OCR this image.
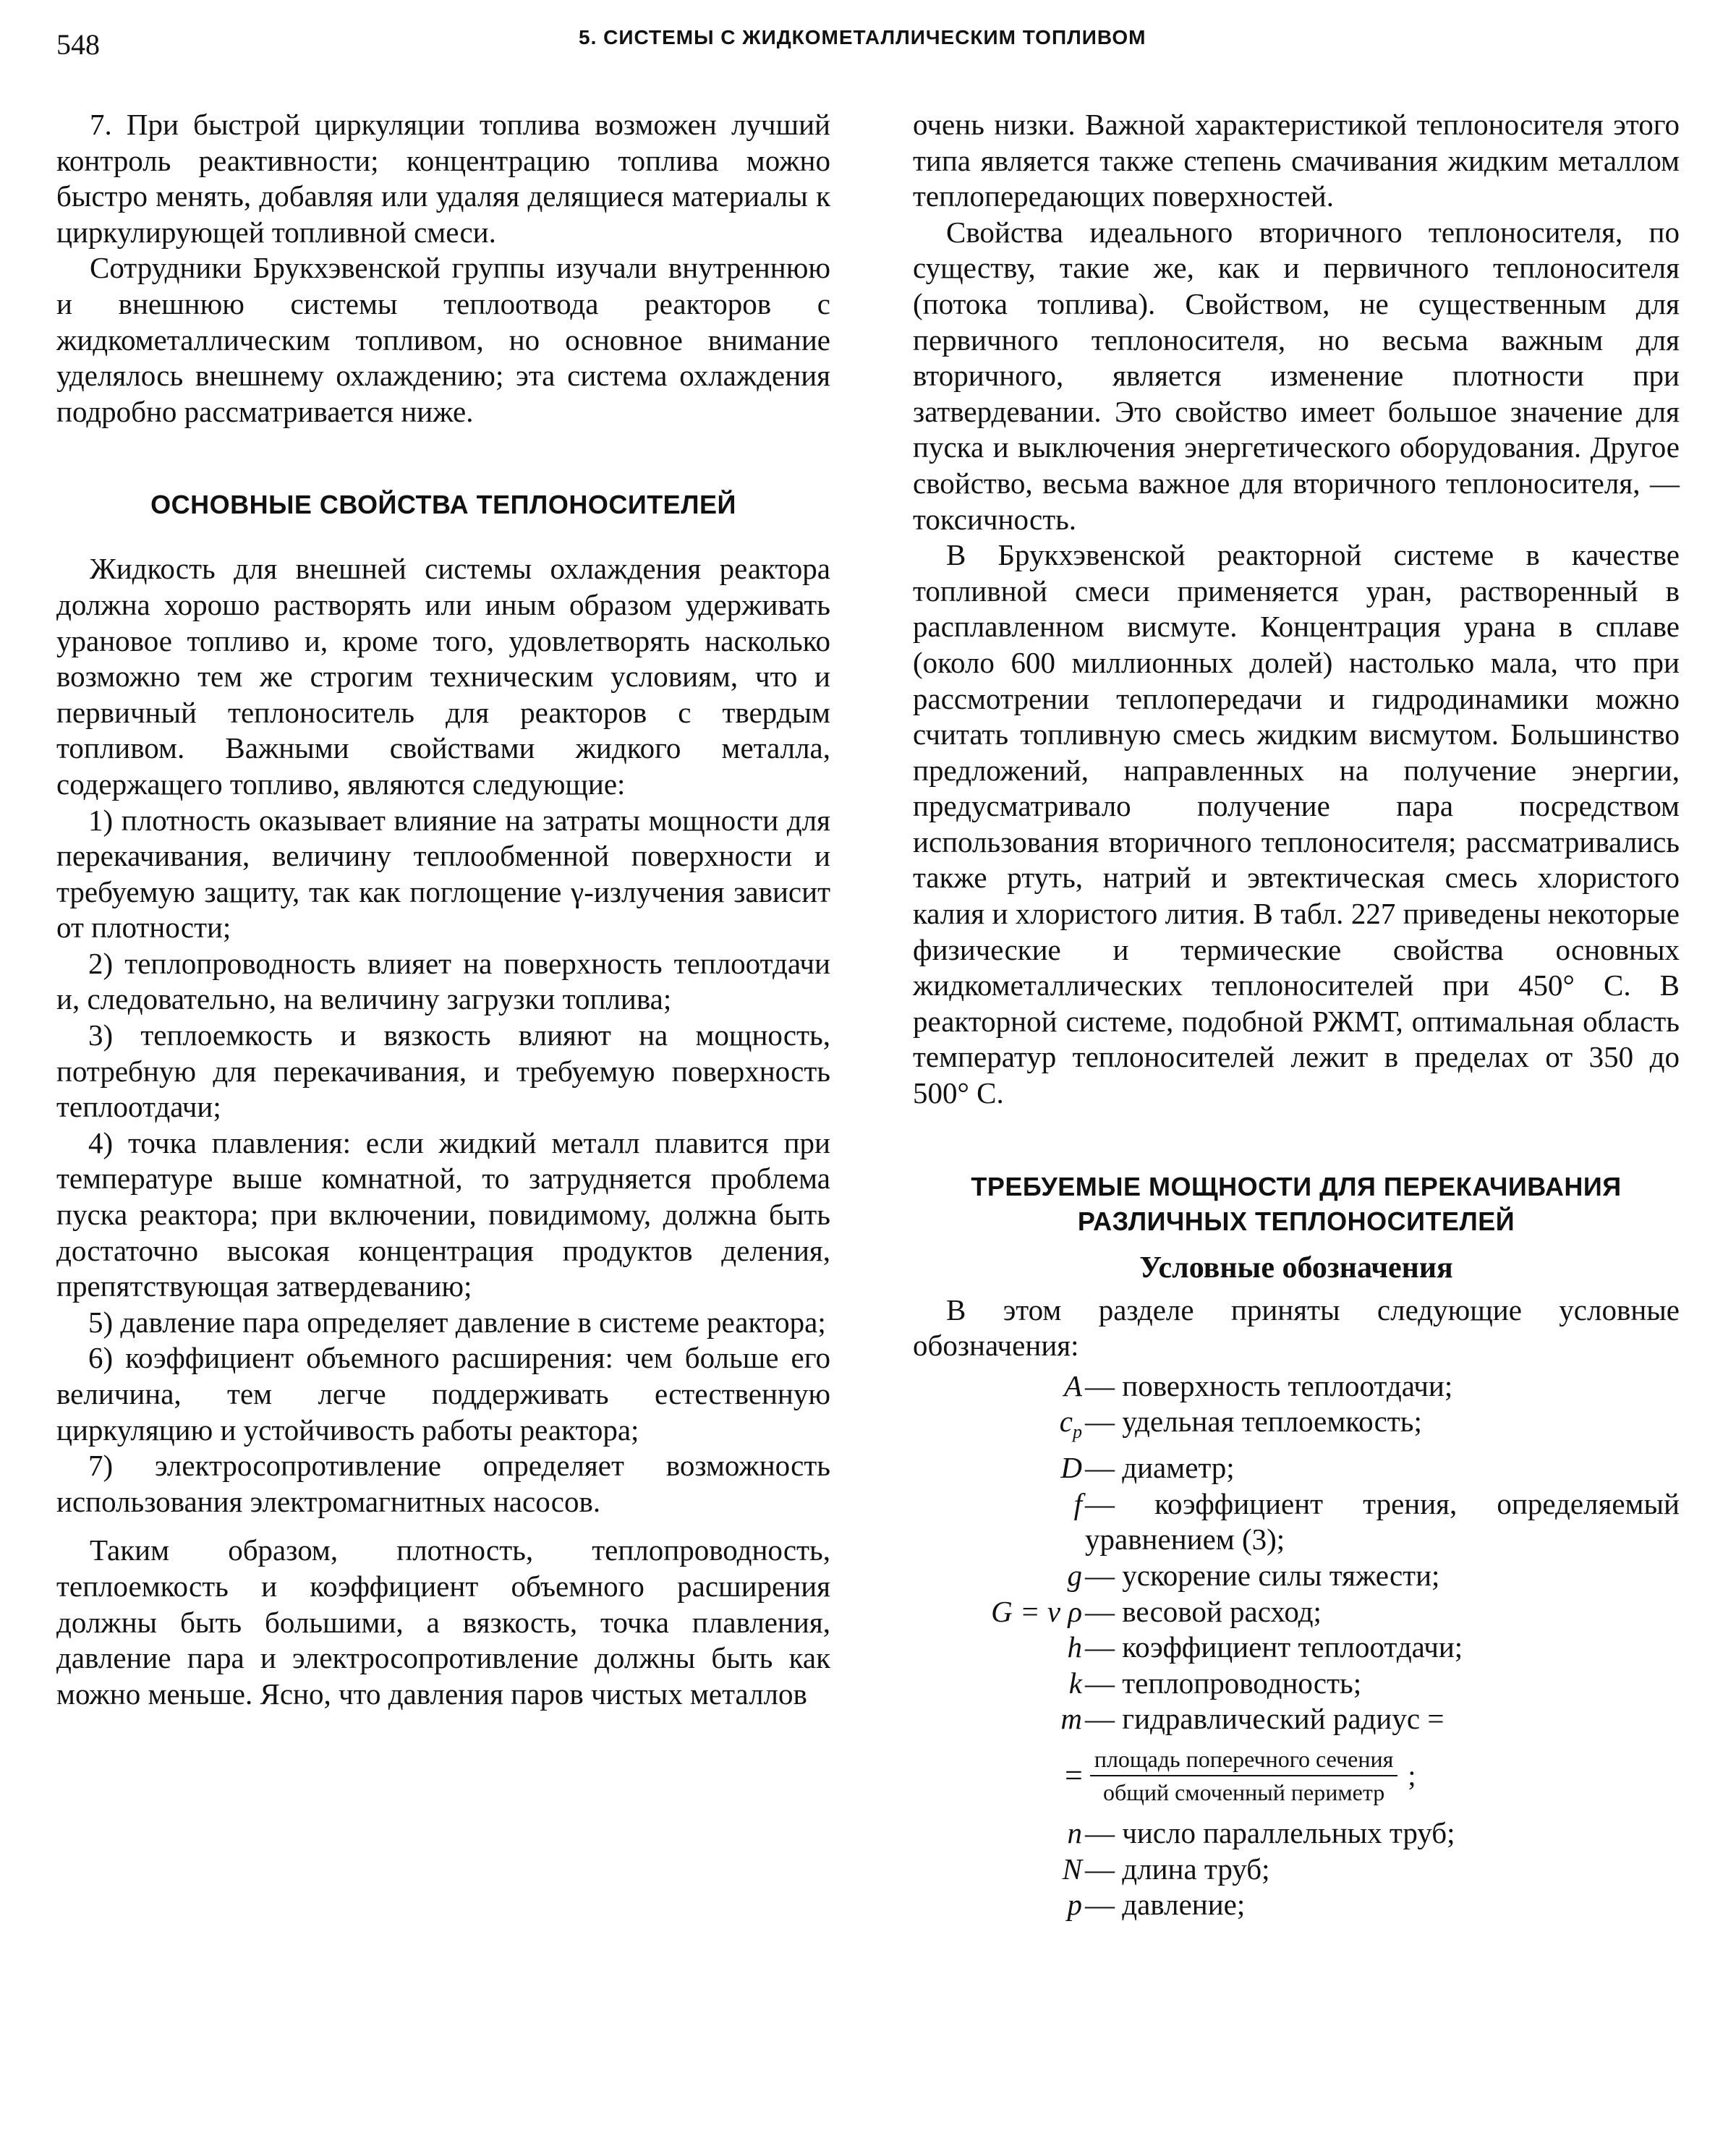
548	5. СИСТЕМЫ С ЖИДКОМЕТАЛЛИЧЕСКИМ ТОПЛИВОМ

7. При быстрой циркуляции топлива возможен лучший контроль реактивности; концентрацию топлива можно быстро менять, добавляя или удаляя делящиеся материалы к циркулирующей топливной смеси.

Сотрудники Брукхэвенской группы изучали внутреннюю и внешнюю системы теплоотвода реакторов с жидкометаллическим топливом, но основное внимание уделялось внешнему охлаждению; эта система охлаждения подробно рассматривается ниже.

ОСНОВНЫЕ СВОЙСТВА ТЕПЛОНОСИТЕЛЕЙ

Жидкость для внешней системы охлаждения реактора должна хорошо растворять или иным образом удерживать урановое топливо и, кроме того, удовлетворять насколько возможно тем же строгим техническим условиям, что и первичный теплоноситель для реакторов с твердым топливом. Важными свойствами жидкого металла, содержащего топливо, являются следующие:

1) плотность оказывает влияние на затраты мощности для перекачивания, величину теплообменной поверхности и требуемую защиту, так как поглощение γ-излучения зависит от плотности;

2) теплопроводность влияет на поверхность теплоотдачи и, следовательно, на величину загрузки топлива;

3) теплоемкость и вязкость влияют на мощность, потребную для перекачивания, и требуемую поверхность теплоотдачи;

4) точка плавления: если жидкий металл плавится при температуре выше комнатной, то затрудняется проблема пуска реактора; при включении, повидимому, должна быть достаточно высокая концентрация продуктов деления, препятствующая затвердеванию;

5) давление пара определяет давление в системе реактора;

6) коэффициент объемного расширения: чем больше его величина, тем легче поддерживать естественную циркуляцию и устойчивость работы реактора;

7) электросопротивление определяет возможность использования электромагнитных насосов.

Таким образом, плотность, теплопроводность, теплоемкость и коэффициент объемного расширения должны быть большими, а вязкость, точка плавления, давление пара и электросопротивление должны быть как можно меньше. Ясно, что давления паров чистых металлов

очень низки. Важной характеристикой теплоносителя этого типа является также степень смачивания жидким металлом теплопередающих поверхностей.

Свойства идеального вторичного теплоносителя, по существу, такие же, как и первичного теплоносителя (потока топлива). Свойством, не существенным для первичного теплоносителя, но весьма важным для вторичного, является изменение плотности при затвердевании. Это свойство имеет большое значение для пуска и выключения энергетического оборудования. Другое свойство, весьма важное для вторичного теплоносителя, — токсичность.

В Брукхэвенской реакторной системе в качестве топливной смеси применяется уран, растворенный в расплавленном висмуте. Концентрация урана в сплаве (около 600 миллионных долей) настолько мала, что при рассмотрении теплопередачи и гидродинамики можно считать топливную смесь жидким висмутом. Большинство предложений, направленных на получение энергии, предусматривало получение пара посредством использования вторичного теплоносителя; рассматривались также ртуть, натрий и эвтектическая смесь хлористого калия и хлористого лития. В табл. 227 приведены некоторые физические и термические свойства основных жидкометаллических теплоносителей при 450° С. В реакторной системе, подобной РЖМТ, оптимальная область температур теплоносителей лежит в пределах от 350 до 500° С.

ТРЕБУЕМЫЕ МОЩНОСТИ ДЛЯ ПЕРЕКАЧИВАНИЯ
РАЗЛИЧНЫХ ТЕПЛОНОСИТЕЛЕЙ
Условные обозначения

В этом разделе приняты следующие условные обозначения:

A — поверхность теплоотдачи;
$c_p$ — удельная теплоемкость;
D — диаметр;
f — коэффициент трения, определяемый уравнением (3);
g — ускорение силы тяжести;
G = v ρ — весовой расход;
h — коэффициент теплоотдачи;
k — теплопроводность;
m — гидравлический радиус =
= $\frac{\text{площадь поперечного сечения}}{\text{общий смоченный периметр}}$ ;
n — число параллельных труб;
N — длина труб;
p — давление;
